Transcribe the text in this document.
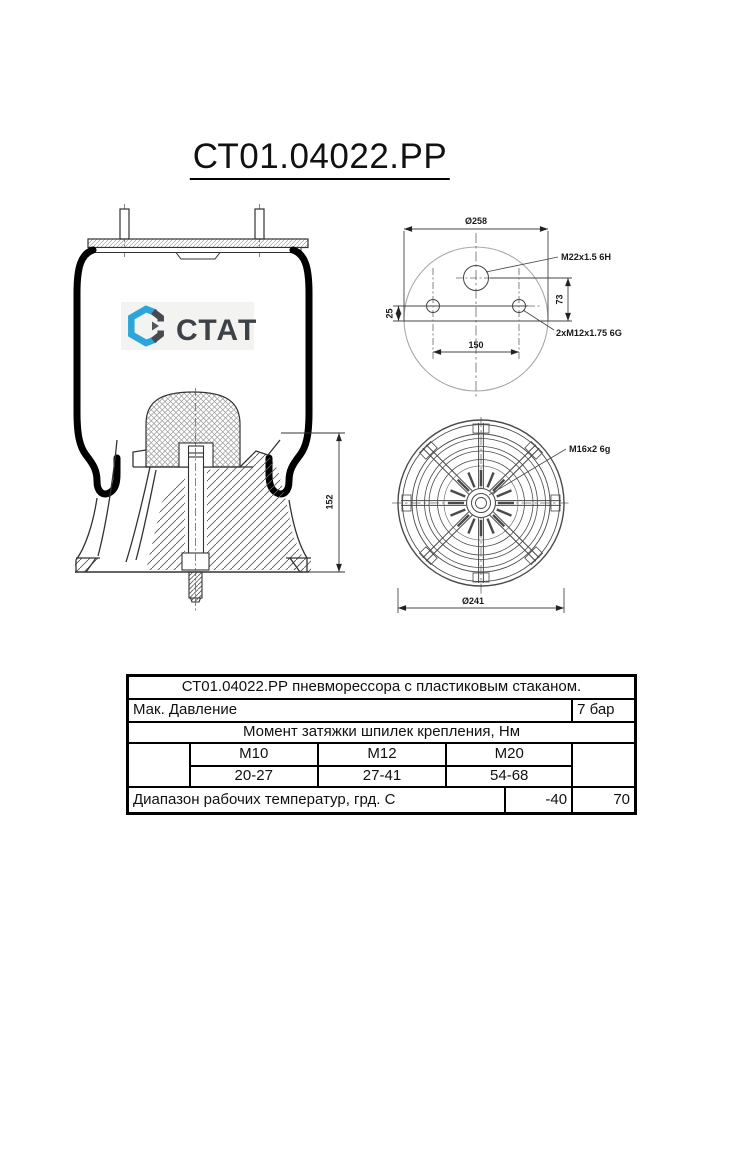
СТ01.04022.РР
СТАТ
152
Ø258
150
25
73
M22x1.5 6H
2xM12x1.75 6G
M16x2 6g
Ø241
СТ01.04022.РР пневморессора с пластиковым стаканом.					
Мак. Давление					7 бар
Момент затяжки шпилек крепления, Нм					
	М10	М12	М20		
	20-27	27-41	54-68		
Диапазон рабочих температур, грд. С				-40	70
